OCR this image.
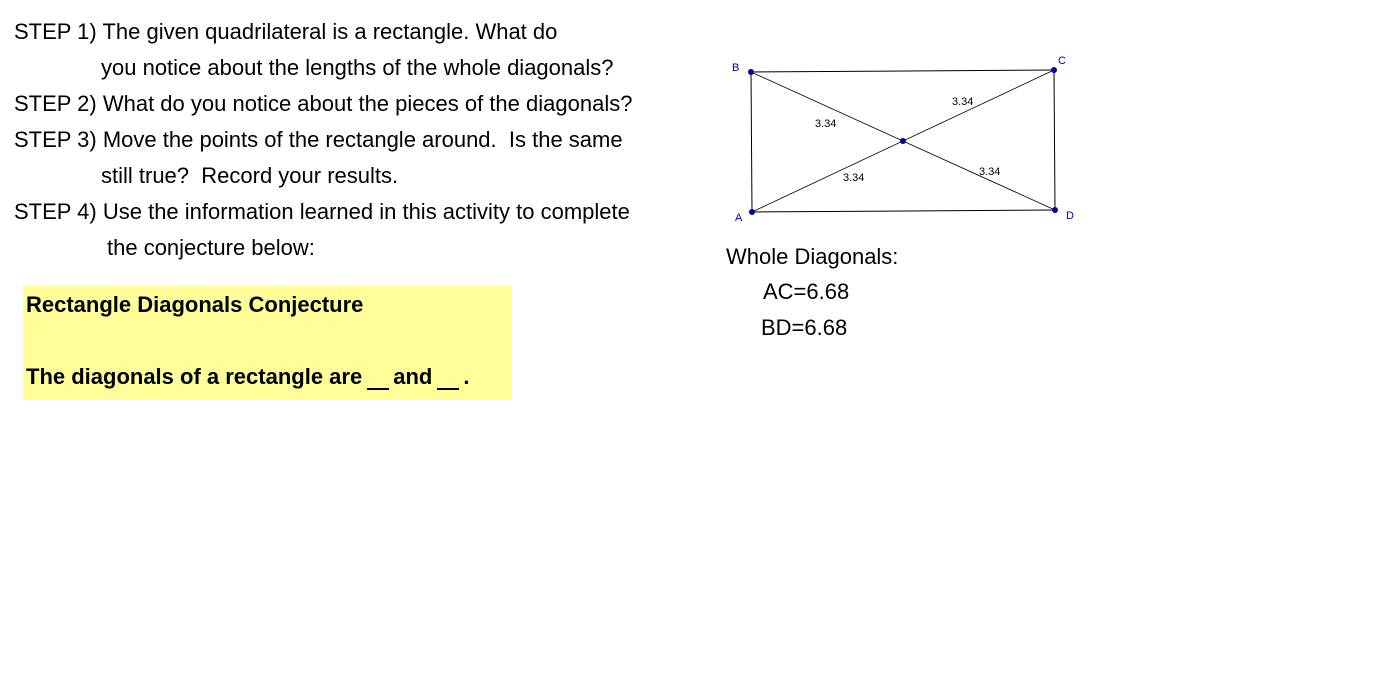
STEP 1) The given quadrilateral is a rectangle. What do
you notice about the lengths of the whole diagonals?
STEP 2) What do you notice about the pieces of the diagonals?
STEP 3) Move the points of the rectangle around.  Is the same
still true?  Record your results.
STEP 4) Use the information learned in this activity to complete
the conjecture below:
Rectangle Diagonals Conjecture
The diagonals of a rectangle are and .
B
C
A	D
3.34
3.34
3.34	3.34
Whole Diagonals:
AC=6.68
BD=6.68
